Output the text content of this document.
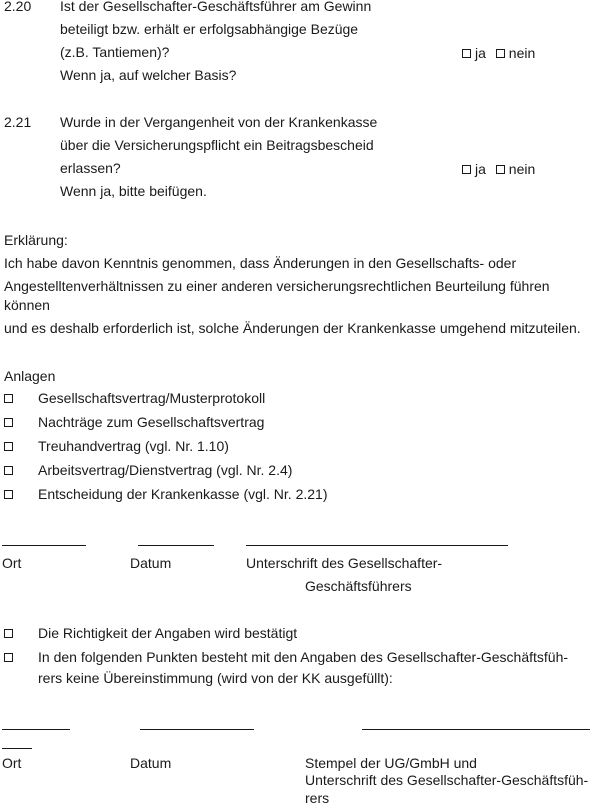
2.20 Ist der Gesellschafter-Geschäftsführer am Gewinn
beteiligt bzw. erhält er erfolgsabhängige Bezüge
(z.B. Tantiemen)?
Wenn ja, auf welcher Basis?
ja nein
2.21 Wurde in der Vergangenheit von der Krankenkasse
über die Versicherungspflicht ein Beitragsbescheid
erlassen?
Wenn ja, bitte beifügen.
ja nein
Erklärung:
Ich habe davon Kenntnis genommen, dass Änderungen in den Gesellschafts- oder
Angestelltenverhältnissen zu einer anderen versicherungsrechtlichen Beurteilung führen
können
und es deshalb erforderlich ist, solche Änderungen der Krankenkasse umgehend mitzuteilen.
Anlagen
Gesellschaftsvertrag/Musterprotokoll
Nachträge zum Gesellschaftsvertrag
Treuhandvertrag (vgl. Nr. 1.10)
Arbeitsvertrag/Dienstvertrag (vgl. Nr. 2.4)
Entscheidung der Krankenkasse (vgl. Nr. 2.21)
Ort	Datum	Unterschrift des Gesellschafter-
Geschäftsführers
Die Richtigkeit der Angaben wird bestätigt
In den folgenden Punkten besteht mit den Angaben des Gesellschafter-Geschäftsfüh-
rers keine Übereinstimmung (wird von der KK ausgefüllt):
Ort	Datum	Stempel der UG/GmbH und
Unterschrift des Gesellschafter-Geschäftsfüh-
rers
